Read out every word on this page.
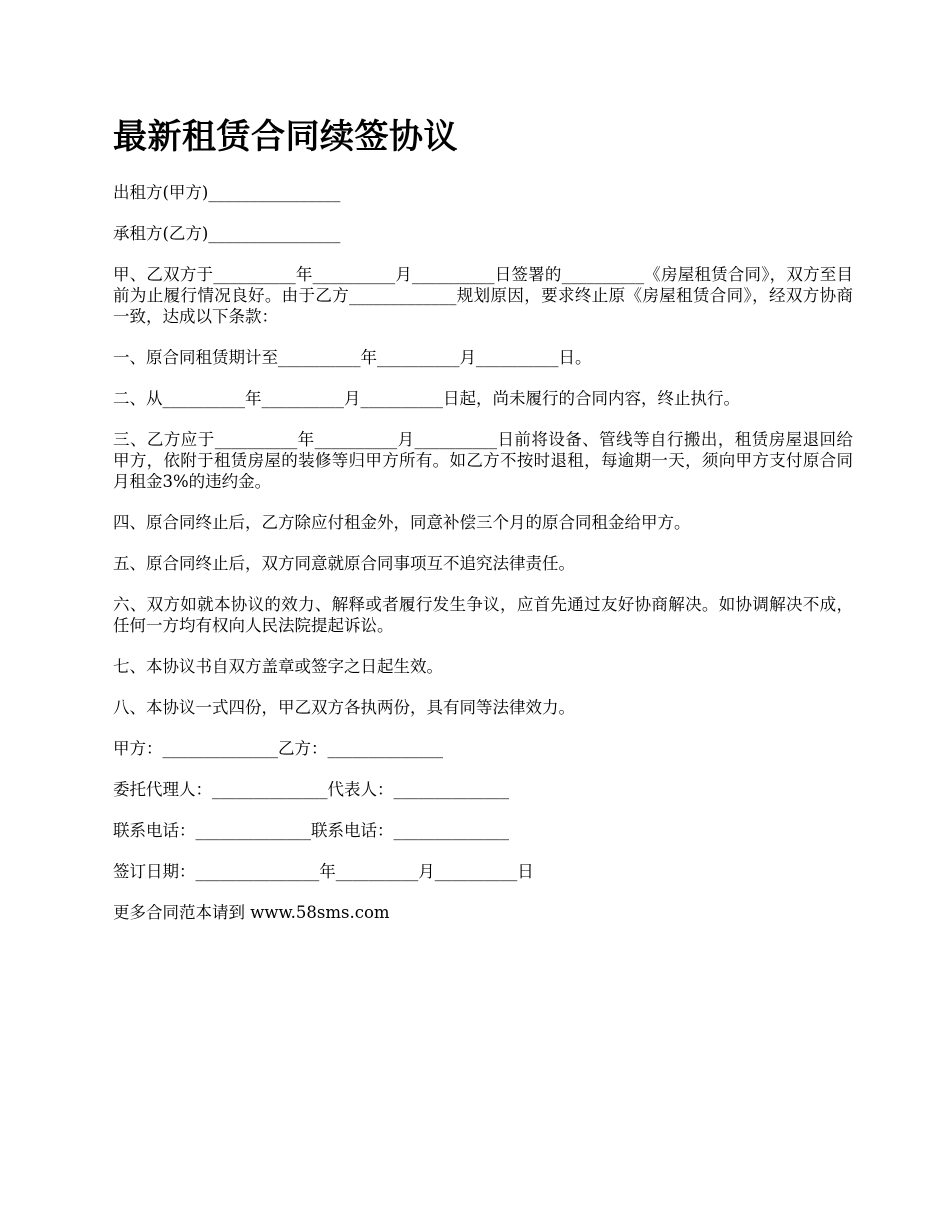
最新租赁合同续签协议

出租方(甲方)________________

承租方(乙方)________________

甲、乙双方于__________年__________月__________日签署的__________《房屋租赁合同》，双方至目前为止履行情况良好。由于乙方_____________规划原因，要求终止原《房屋租赁合同》，经双方协商一致，达成以下条款：

一、原合同租赁期计至__________年__________月__________日。

二、从__________年__________月__________日起，尚未履行的合同内容，终止执行。

三、乙方应于__________年__________月__________日前将设备、管线等自行搬出，租赁房屋退回给甲方，依附于租赁房屋的装修等归甲方所有。如乙方不按时退租，每逾期一天，须向甲方支付原合同月租金3%的违约金。

四、原合同终止后，乙方除应付租金外，同意补偿三个月的原合同租金给甲方。

五、原合同终止后，双方同意就原合同事项互不追究法律责任。

六、双方如就本协议的效力、解释或者履行发生争议，应首先通过友好协商解决。如协调解决不成，任何一方均有权向人民法院提起诉讼。

七、本协议书自双方盖章或签字之日起生效。

八、本协议一式四份，甲乙双方各执两份，具有同等法律效力。

甲方：______________乙方：______________

委托代理人：______________代表人：______________

联系电话：______________联系电话：______________

签订日期：_______________年__________月__________日

更多合同范本请到 www.58sms.com
